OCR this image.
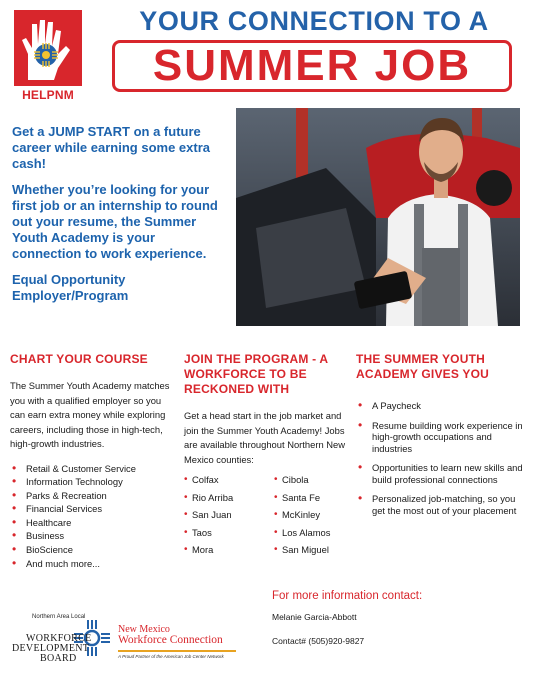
HELPNM
YOUR CONNECTION TO A
SUMMER JOB

Get a JUMP START on a future career while earning some extra cash!

Whether you’re looking for your first job or an internship to round out your resume, the Summer Youth Academy is your connection to work experience.

Equal Opportunity Employer/Program

CHART YOUR COURSE
The Summer Youth Academy matches you with a qualified employer so you can earn extra money while exploring careers, including those in high-tech, high-growth industries.
• Retail & Customer Service
• Information Technology
• Parks & Recreation
• Financial Services
• Healthcare
• Business
• BioScience
• And much more...
JOIN THE PROGRAM - A WORKFORCE TO BE RECKONED WITH
Get a head start in the job market and join the Summer Youth Academy! Jobs are available throughout Northern New Mexico counties:
• Colfax
• Rio Arriba
• San Juan
• Taos
• Mora
• Cibola
• Santa Fe
• McKinley
• Los Alamos
• San Miguel
THE SUMMER YOUTH ACADEMY GIVES YOU
• A Paycheck
• Resume building work experience in high-growth occupations and industries
• Opportunities to learn new skills and build professional connections
• Personalized job-matching, so you get the most out of your placement
Northern Area Local
WORKFORCE
DEVELOPMENT
BOARD
New Mexico
Workforce Connection
A Proud Partner of the American Job Center Network
For more information contact:
Melanie Garcia-Abbott
Contact# (505)920-9827
